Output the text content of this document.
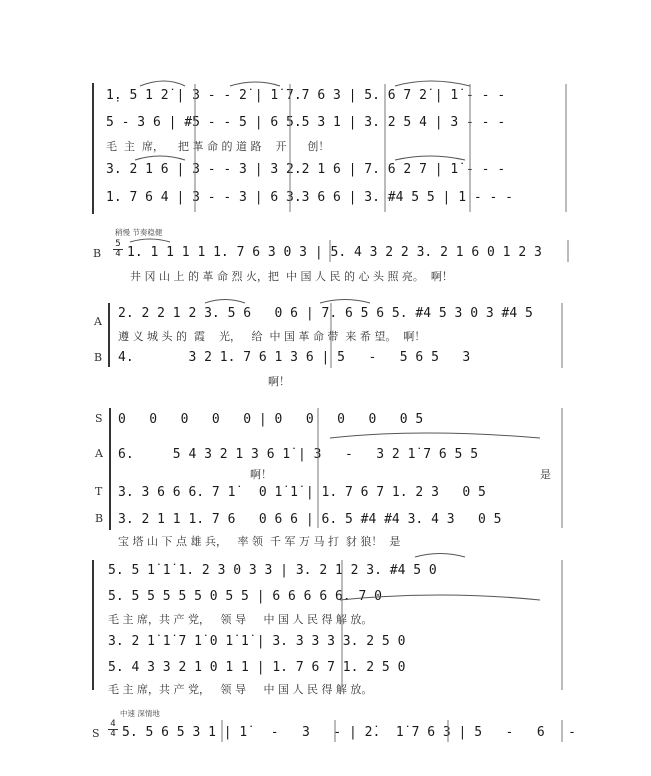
1̣. 5 1 2̇ | 3 - - 2̇ | 1̇ 7.7 6 3 | 5. 6 7 2̇ | 1̇ - - -
5 - 3 6 | #5 - - 5 | 6 5.5 3 1 | 3. 2 5 4 | 3 - - -
毛  主  席，    把 革 命 的 道 路    开      创！
3. 2 1 6 | 3 - - 3 | 3 2.2 1 6 | 7. 6 2 7 | 1̇ - - -
1. 7 6 4 | 3 - - 3 | 6 3.3 6 6 | 3. #4 5 5 | 1 - - -
稍慢 节奏稳健
B
5
4 1. 1 1 1 1 1. 7 6 3 0 3 | 5. 4 3 2 2 3. 2 1 6 0 1 2 3
井 冈 山 上 的 革 命 烈 火，把  中 国 人 民 的 心 头 照 亮。  啊！
A
2. 2 2 1 2 3. 5 6   0 6 | 7. 6 5 6 5. #4 5 3 0 3 #4 5
遵 义 城 头 的  霞    光，   给  中 国 革 命 带  来 希 望。  啊！
B 4.       3 2 1. 7 6 1 3 6 | 5   -   5 6 5   3
啊！
S 0   0   0   0   0 | 0   0   0   0   0 5
A 6.     5 4 3 2 1 3 6 1̇ | 3   -   3 2 1̇ 7 6 5 5
啊！	是
T 3. 3 6 6 6. 7 1̇   0 1̇ 1̇ | 1. 7 6 7 1. 2 3   0 5
B 3. 2 1 1 1. 7 6   0 6 6 | 6. 5 #4 #4 3. 4 3   0 5
宝 塔 山 下 点 雄 兵，   率 领  千 军 万 马 打  豺 狼！  是
5. 5 1̇ 1̇ 1. 2 3 0 3 3 | 3. 2 1 2 3. #4 5 0
5. 5 5 5 5 5 0 5 5 | 6 6 6 6 6. 7 0
毛 主 席，共 产 党，   领 导     中 国 人 民 得 解 放。
3. 2 1̇ 1̇ 7 1̇ 0 1̇ 1̇ | 3. 3 3 3 3. 2 5 0
5. 4 3 3 2 1 0 1 1 | 1. 7 6 7 1. 2 5 0
毛 主 席，共 产 党，   领 导     中 国 人 民 得 解 放。
中速 深情地
S
4
4 5. 5 6 5 3 1 | 1̇   -   3   - | 2̇.  1̇ 7 6 3 | 5   -   6   -
